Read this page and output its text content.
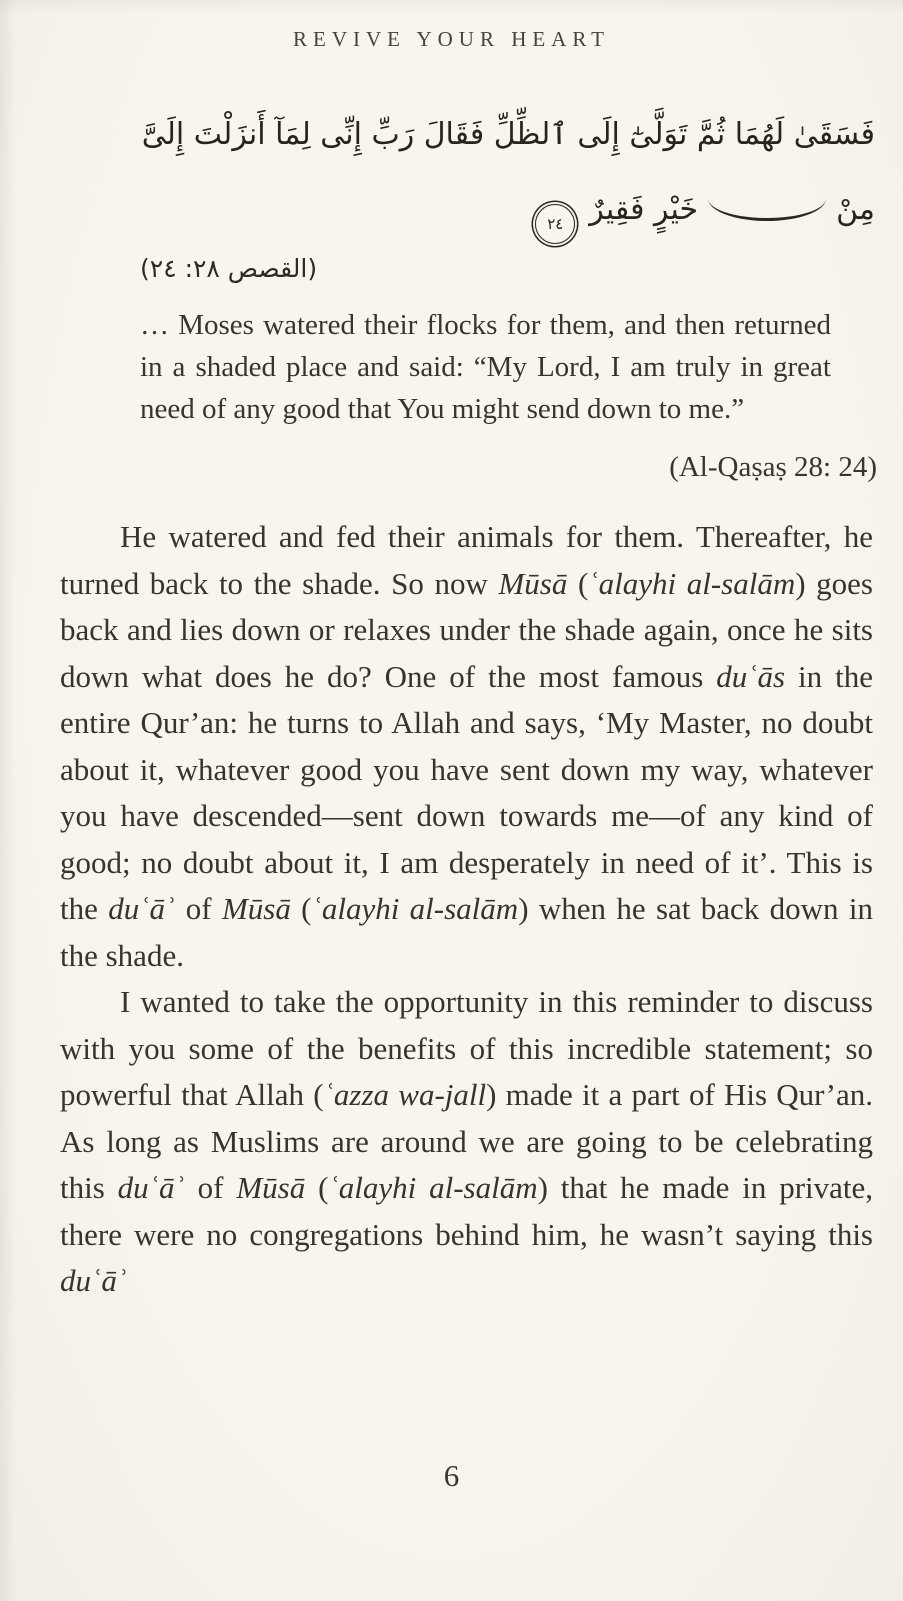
REVIVE YOUR HEART
فَسَقَىٰ لَهُمَا ثُمَّ تَوَلَّىٰٓ إِلَى ٱلظِّلِّ فَقَالَ رَبِّ إِنِّى لِمَآ أَنزَلْتَ إِلَىَّ
مِنْخَيْرٍ فَقِيرٌ٢٤
(القصص ٢٨: ٢٤)
… Moses watered their flocks for them, and then returned in a shaded place and said: “My Lord, I am truly in great need of any good that You might send down to me.”
(Al-Qaṣaṣ 28: 24)

He watered and fed their animals for them. Thereafter, he turned back to the shade. So now Mūsā (ʿalayhi al-salām) goes back and lies down or relaxes under the shade again, once he sits down what does he do? One of the most famous duʿās in the entire Qur’an: he turns to Allah and says, ‘My Master, no doubt about it, whatever good you have sent down my way, whatever you have descended—sent down towards me—of any kind of good; no doubt about it, I am desperately in need of it’. This is the duʿāʾ of Mūsā (ʿalayhi al-salām) when he sat back down in the shade.

I wanted to take the opportunity in this reminder to discuss with you some of the benefits of this incredible statement; so powerful that Allah (ʿazza wa-jall) made it a part of His Qur’an. As long as Muslims are around we are going to be celebrating this duʿāʾ of Mūsā (ʿalayhi al-salām) that he made in private, there were no congregations behind him, he wasn’t saying this duʿāʾ

6
